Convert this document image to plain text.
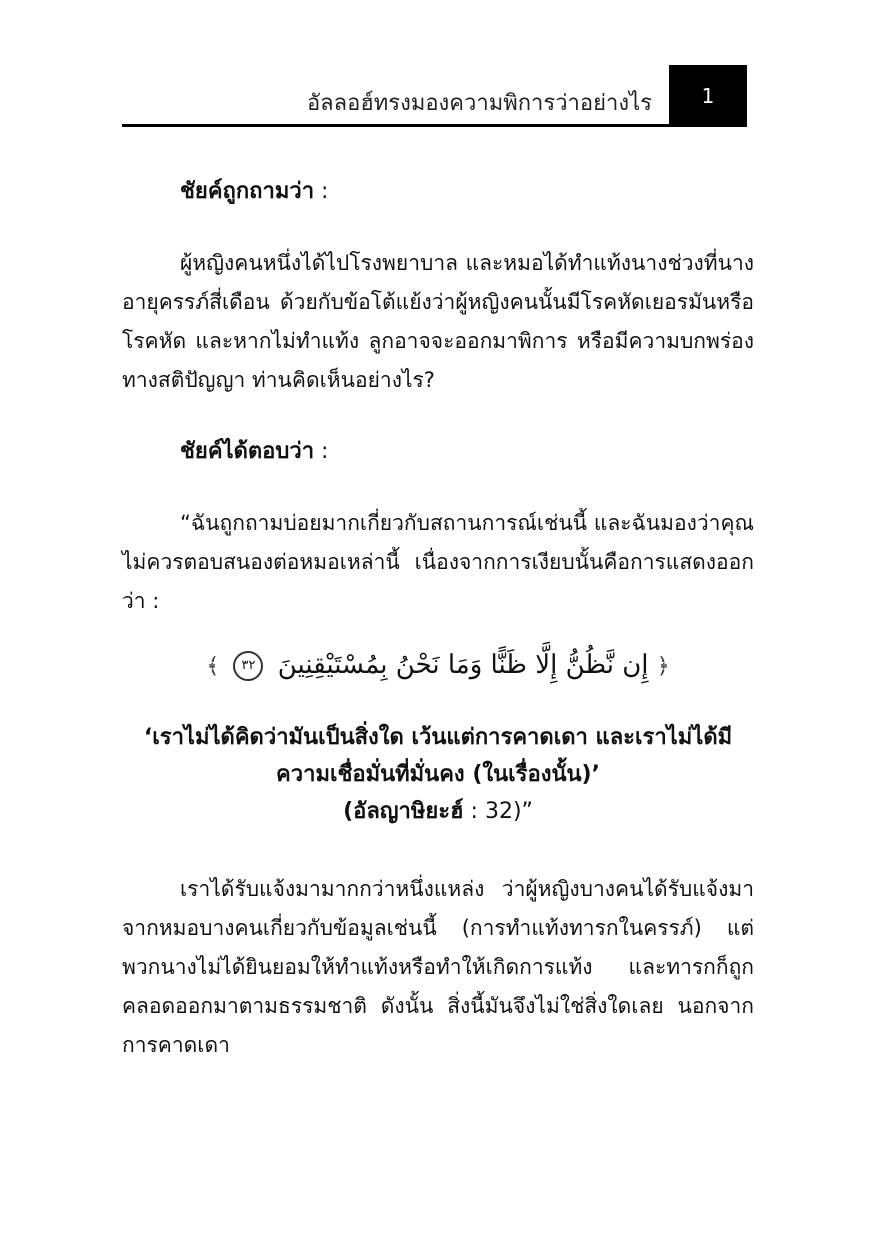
อัลลอฮ์ทรงมองความพิการว่าอย่างไร	1

ชัยค์ถูกถามว่า :

ผู้หญิงคนหนึ่งได้ไปโรงพยาบาล และหมอได้ทำแท้งนางช่วงที่นางอายุครรภ์สี่เดือน ด้วยกับข้อโต้แย้งว่าผู้หญิงคนนั้นมีโรคหัดเยอรมันหรือโรคหัด และหากไม่ทำแท้ง ลูกอาจจะออกมาพิการ หรือมีความบกพร่องทางสติปัญญา ท่านคิดเห็นอย่างไร?

ชัยค์ได้ตอบว่า :

“ฉันถูกถามบ่อยมากเกี่ยวกับสถานการณ์เช่นนี้ และฉันมองว่าคุณไม่ควรตอบสนองต่อหมอเหล่านี้ เนื่องจากการเงียบนั้นคือการแสดงออกว่า :

﴿ إِن نَّظُنُّ إِلَّا ظَنًّا وَمَا نَحْنُ بِمُسْتَيْقِنِينَ ٣٢ ﴾

‘เราไม่ได้คิดว่ามันเป็นสิ่งใด เว้นแต่การคาดเดา และเราไม่ได้มี

ความเชื่อมั่นที่มั่นคง (ในเรื่องนั้น)’

(อัลญาษิยะฮ์ : 32)”

เราได้รับแจ้งมามากกว่าหนึ่งแหล่ง ว่าผู้หญิงบางคนได้รับแจ้งมาจากหมอบางคนเกี่ยวกับข้อมูลเช่นนี้ (การทำแท้งทารกในครรภ์) แต่พวกนางไม่ได้ยินยอมให้ทำแท้งหรือทำให้เกิดการแท้ง และทารกก็ถูกคลอดออกมาตามธรรมชาติ ดังนั้น สิ่งนี้มันจึงไม่ใช่สิ่งใดเลย นอกจากการคาดเดา
